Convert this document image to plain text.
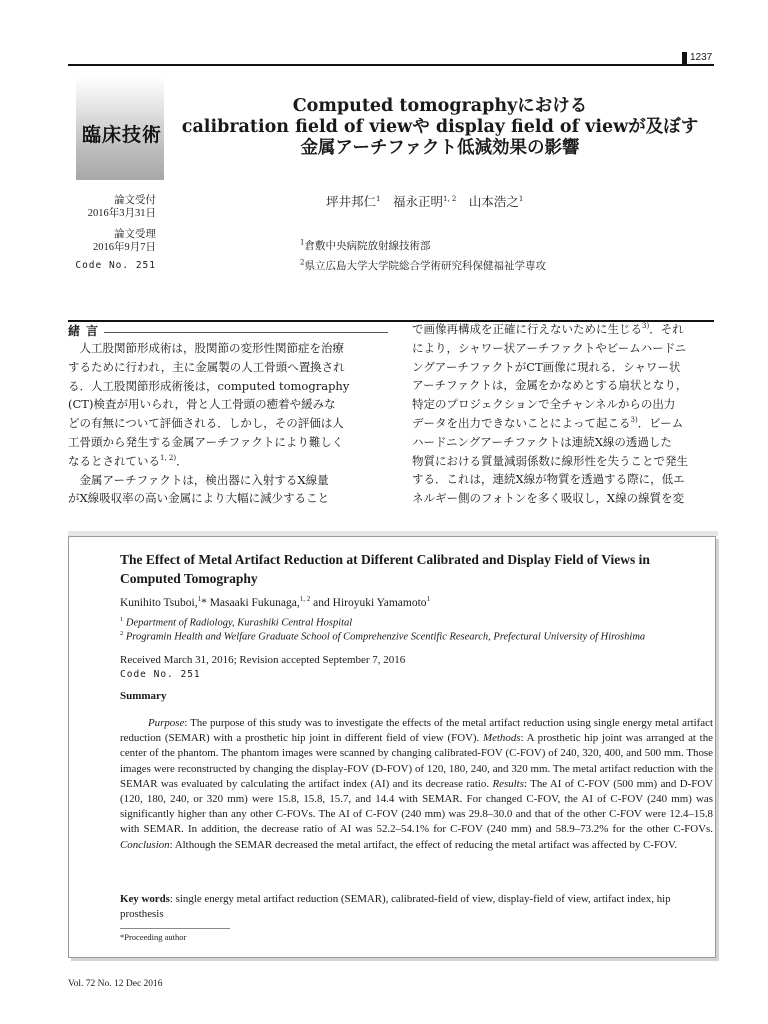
1237
臨床技術
Computed tomographyにおける
calibration field of viewや display field of viewが及ぼす
金属アーチファクト低減効果の影響
論文受付
2016年3月31日
論文受理
2016年9月7日
Code No. 251
坪井邦仁$^1$　 福永正明$^{1, 2}$　 山本浩之$^1$
$^1$倉敷中央病院放射線技術部
$^2$県立広島大学大学院総合学術研究科保健福祉学専攻
緒言
　人工股関節形成術は，股関節の変形性関節症を治療
するために行われ，主に金属製の人工骨頭へ置換され
る．人工股関節形成術後は，computed tomography
(CT)検査が用いられ，骨と人工骨頭の癒着や緩みな
どの有無について評価される．しかし，その評価は人
工骨頭から発生する金属アーチファクトにより難しく
なるとされている$^{1, 2)}$．
　金属アーチファクトは，検出器に入射するX線量
がX線吸収率の高い金属により大幅に減少すること
で画像再構成を正確に行えないために生じる$^{3)}$．それ
により，シャワー状アーチファクトやビームハードニ
ングアーチファクトがCT画像に現れる．シャワー状
アーチファクトは，金属をかなめとする扇状となり，
特定のプロジェクションで全チャンネルからの出力
データを出力できないことによって起こる$^{3)}$．ビーム
ハードニングアーチファクトは連続X線の透過した
物質における質量減弱係数に線形性を失うことで発生
する．これは，連続X線が物質を透過する際に，低エ
ネルギー側のフォトンを多く吸収し，X線の線質を変
The Effect of Metal Artifact Reduction at Different Calibrated and Display Field of Views in Computed Tomography
Kunihito Tsuboi,$^1$* Masaaki Fukunaga,$^{1, 2}$ and Hiroyuki Yamamoto$^1$
$^1$ Department of Radiology, Kurashiki Central Hospital
$^2$ Programin Health and Welfare Graduate School of Comprehenzive Scentific Research, Prefectural University of Hiroshima
Received March 31, 2016; Revision accepted September 7, 2016
Code No. 251
Summary

Purpose: The purpose of this study was to investigate the effects of the metal artifact reduction using single energy metal artifact reduction (SEMAR) with a prosthetic hip joint in different field of view (FOV). Methods: A prosthetic hip joint was arranged at the center of the phantom. The phantom images were scanned by changing calibrated-FOV (C-FOV) of 240, 320, 400, and 500 mm. Those images were reconstructed by changing the display-FOV (D-FOV) of 120, 180, 240, and 320 mm. The metal artifact reduction with the SEMAR was evaluated by calculating the artifact index (AI) and its decrease ratio. Results: The AI of C-FOV (500 mm) and D-FOV (120, 180, 240, or 320 mm) were 15.8, 15.8, 15.7, and 14.4 with SEMAR. For changed C-FOV, the AI of C-FOV (240 mm) was significantly higher than any other C-FOVs. The AI of C-FOV (240 mm) was 29.8–30.0 and that of the other C-FOV were 12.4–15.8 with SEMAR. In addition, the decrease ratio of AI was 52.2–54.1% for C-FOV (240 mm) and 58.9–73.2% for the other C-FOVs. Conclusion: Although the SEMAR decreased the metal artifact, the effect of reducing the metal artifact was affected by C-FOV.

Key words: single energy metal artifact reduction (SEMAR), calibrated-field of view, display-field of view, artifact index, hip prosthesis
*Proceeding author
Vol. 72 No. 12 Dec 2016
